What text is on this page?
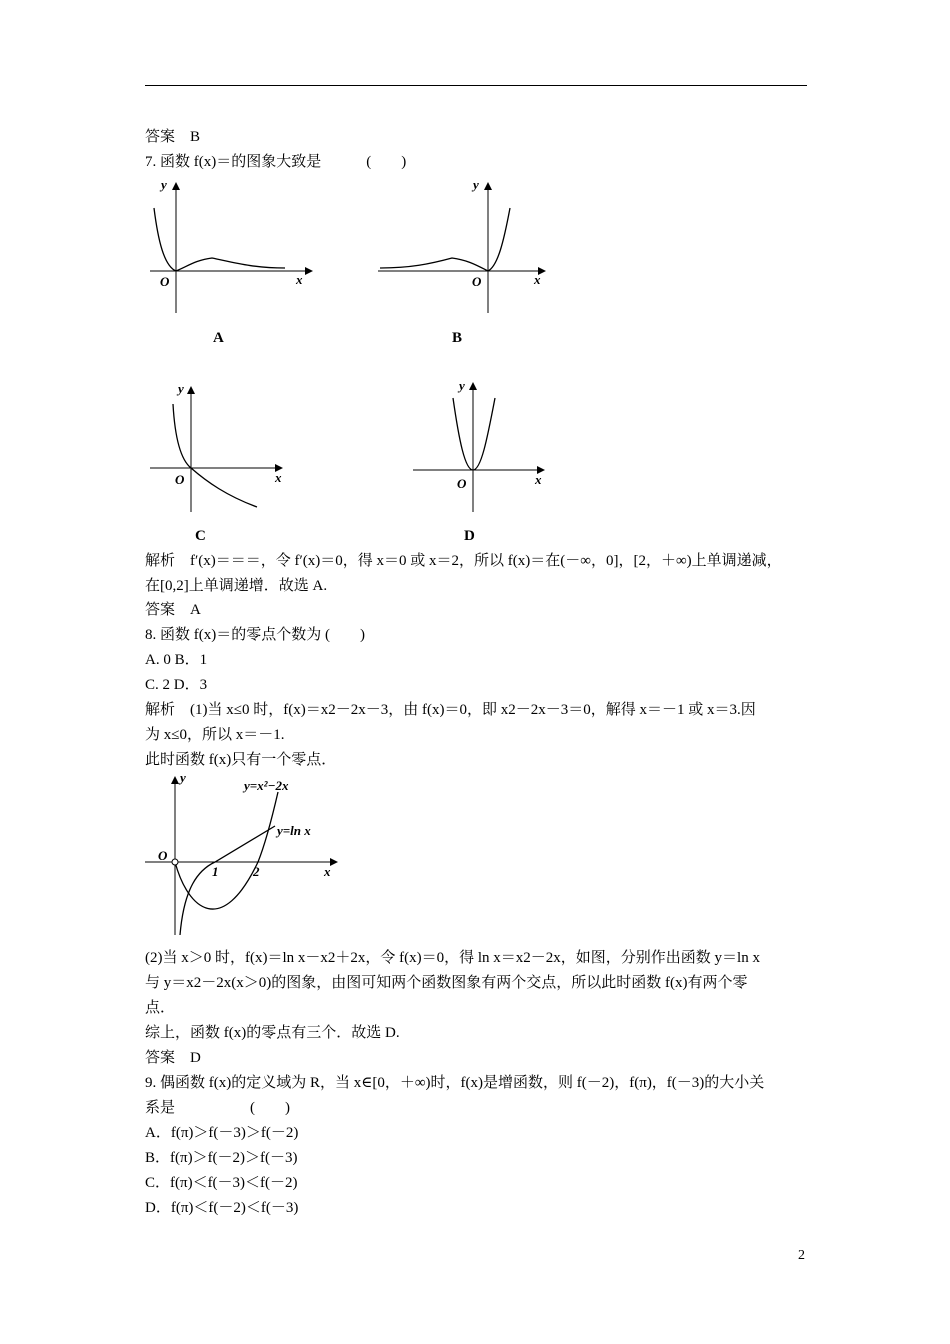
答案　B
7. 函数 f(x)＝的图象大致是　　　(　　)
y
x
O
A
y
x
O
B
y
x
O
C
y
x
O
D
解析　f′(x)＝＝＝，令 f′(x)＝0，得 x＝0 或 x＝2，所以 f(x)＝在(－∞，0]，[2，＋∞)上单调递减，
在[0,2]上单调递增．故选 A.
答案　A
8. 函数 f(x)＝的零点个数为 (　　)
A. 0 B．1
C. 2 D．3
解析　(1)当 x≤0 时，f(x)＝x2－2x－3，由 f(x)＝0，即 x2－2x－3＝0，解得 x＝－1 或 x＝3.因
为 x≤0，所以 x＝－1.
此时函数 f(x)只有一个零点．
y
x
O
1	2
y=x²−2x
y=ln x
(2)当 x＞0 时，f(x)＝ln x－x2＋2x，令 f(x)＝0，得 ln x＝x2－2x，如图，分别作出函数 y＝ln x
与 y＝x2－2x(x＞0)的图象，由图可知两个函数图象有两个交点，所以此时函数 f(x)有两个零
点．
综上，函数 f(x)的零点有三个．故选 D.
答案　D
9. 偶函数 f(x)的定义域为 R，当 x∈[0，＋∞)时，f(x)是增函数，则 f(－2)，f(π)，f(－3)的大小关
系是　　　　　(　　)
A．f(π)＞f(－3)＞f(－2)
B．f(π)＞f(－2)＞f(－3)
C．f(π)＜f(－3)＜f(－2)
D．f(π)＜f(－2)＜f(－3)
2
